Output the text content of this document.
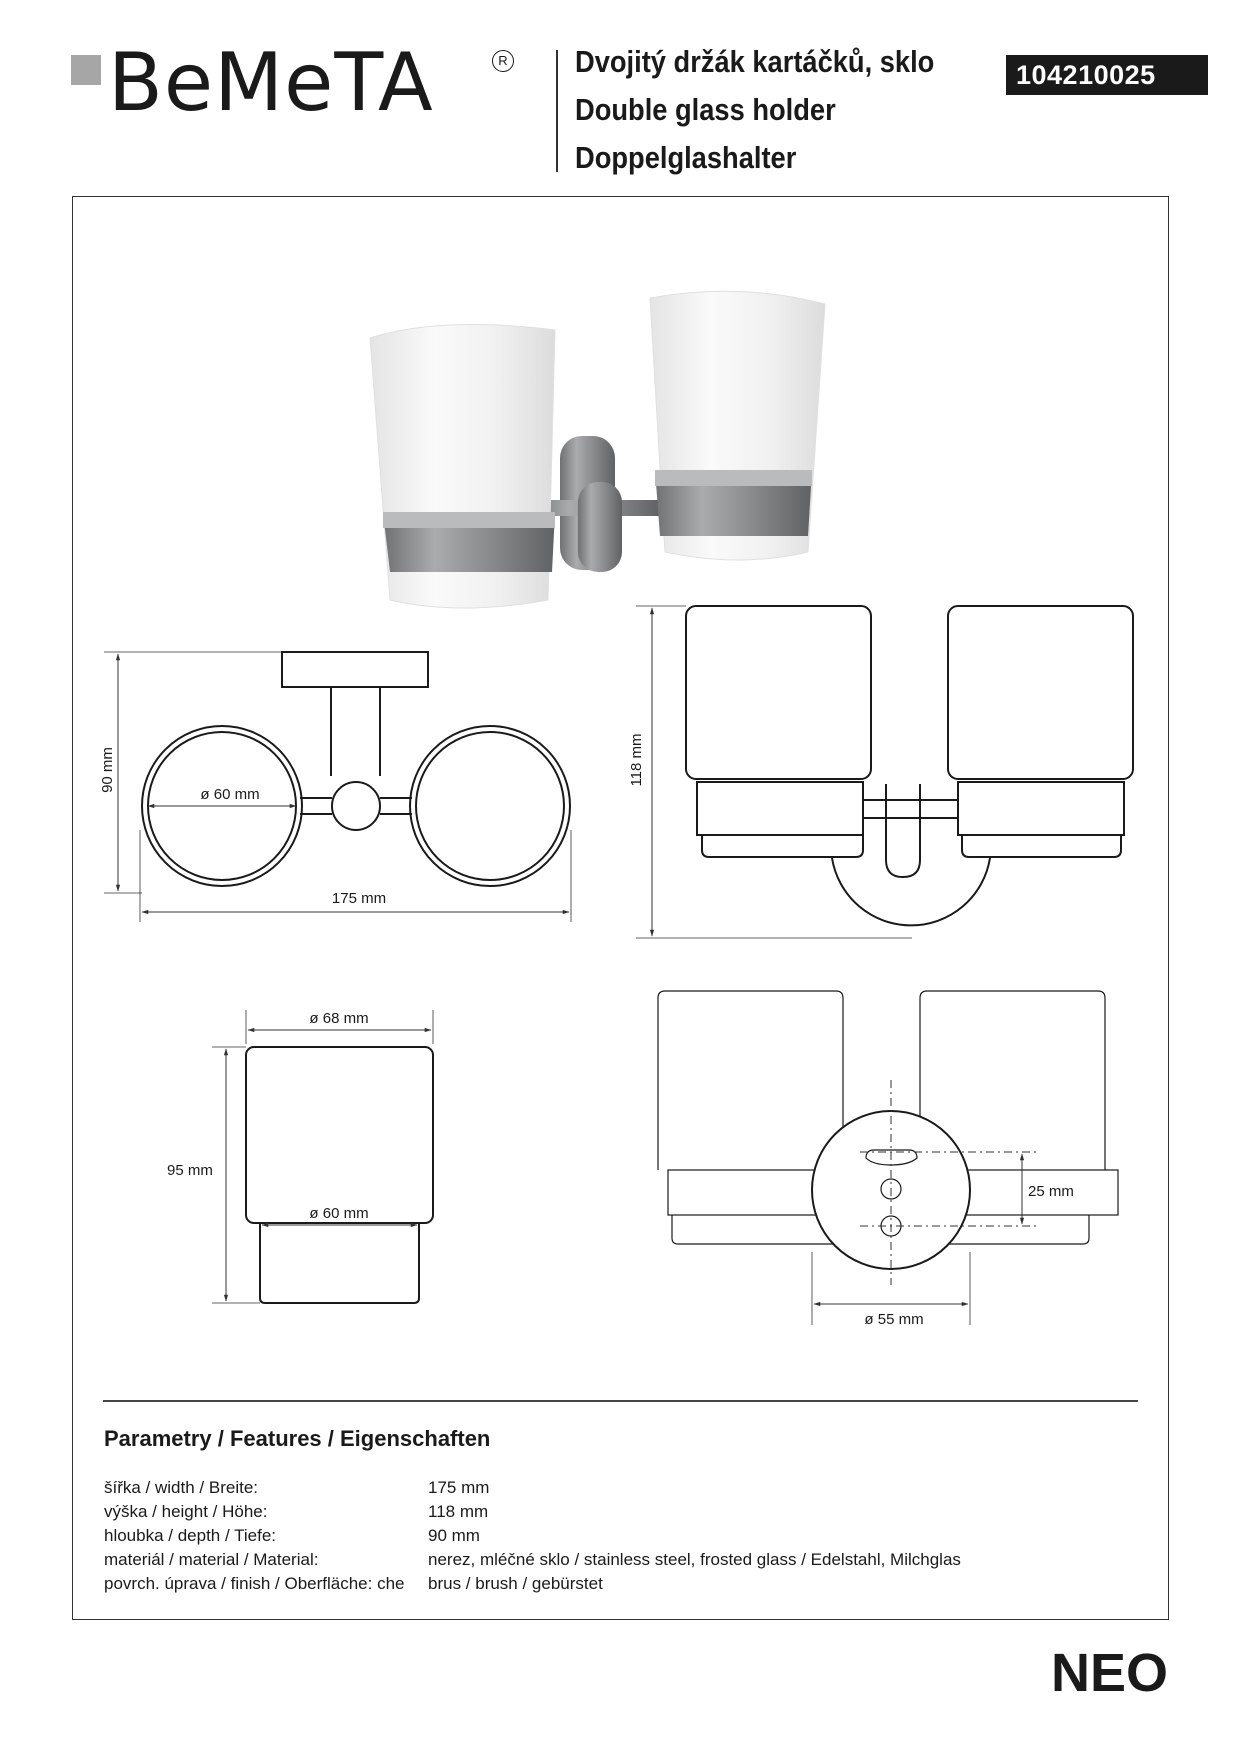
BeMeTA	R Dvojitý držák kartáčků, sklo
Double glass holder
Doppelglashalter
104210025
90 mm
ø 60 mm
175 mm
118 mm
ø 68 mm
95 mm
ø 60 mm
25 mm
ø 55 mm
Parametry / Features / Eigenschaften
šířka / width / Breite:	175 mm
výška / height / Höhe:	118 mm
hloubka / depth / Tiefe:	90 mm
materiál / material / Material:	nerez, mléčné sklo / stainless steel, frosted glass / Edelstahl, Milchglas
povrch. úprava / finish / Oberfläche: che	brus / brush / gebürstet
NEO
